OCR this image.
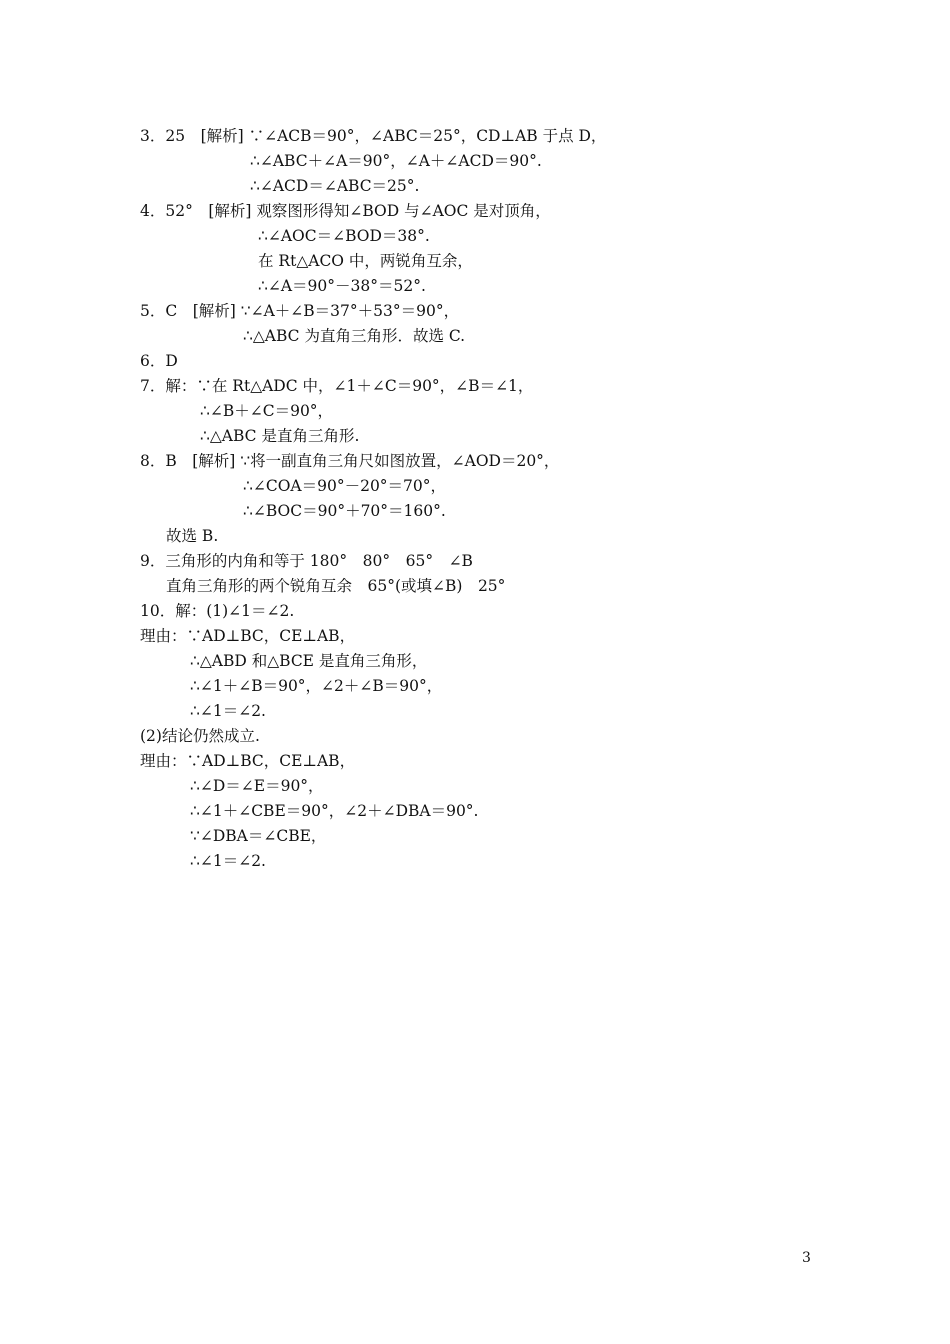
3．25　[解析] ∵∠ACB＝90°，∠ABC＝25°，CD⊥AB 于点 D，
∴∠ABC＋∠A＝90°，∠A＋∠ACD＝90°.
∴∠ACD＝∠ABC＝25°.
4．52°　[解析] 观察图形得知∠BOD 与∠AOC 是对顶角，
∴∠AOC＝∠BOD＝38°.
在 Rt△ACO 中，两锐角互余，
∴∠A＝90°－38°＝52°.
5．C　[解析] ∵∠A＋∠B＝37°＋53°＝90°，
∴△ABC 为直角三角形．故选 C.
6．D
7．解：∵在 Rt△ADC 中，∠1＋∠C＝90°，∠B＝∠1，
∴∠B＋∠C＝90°，
∴△ABC 是直角三角形.
8．B　[解析] ∵将一副直角三角尺如图放置，∠AOD＝20°，
∴∠COA＝90°－20°＝70°，
∴∠BOC＝90°＋70°＝160°.
故选 B.
9．三角形的内角和等于 180°　80°　65°　∠B
直角三角形的两个锐角互余　65°(或填∠B)　25°
10．解：(1)∠1＝∠2.
理由：∵AD⊥BC，CE⊥AB，
∴△ABD 和△BCE 是直角三角形，
∴∠1＋∠B＝90°，∠2＋∠B＝90°，
∴∠1＝∠2.
(2)结论仍然成立.
理由：∵AD⊥BC，CE⊥AB，
∴∠D＝∠E＝90°，
∴∠1＋∠CBE＝90°，∠2＋∠DBA＝90°.
∵∠DBA＝∠CBE，
∴∠1＝∠2.
3
